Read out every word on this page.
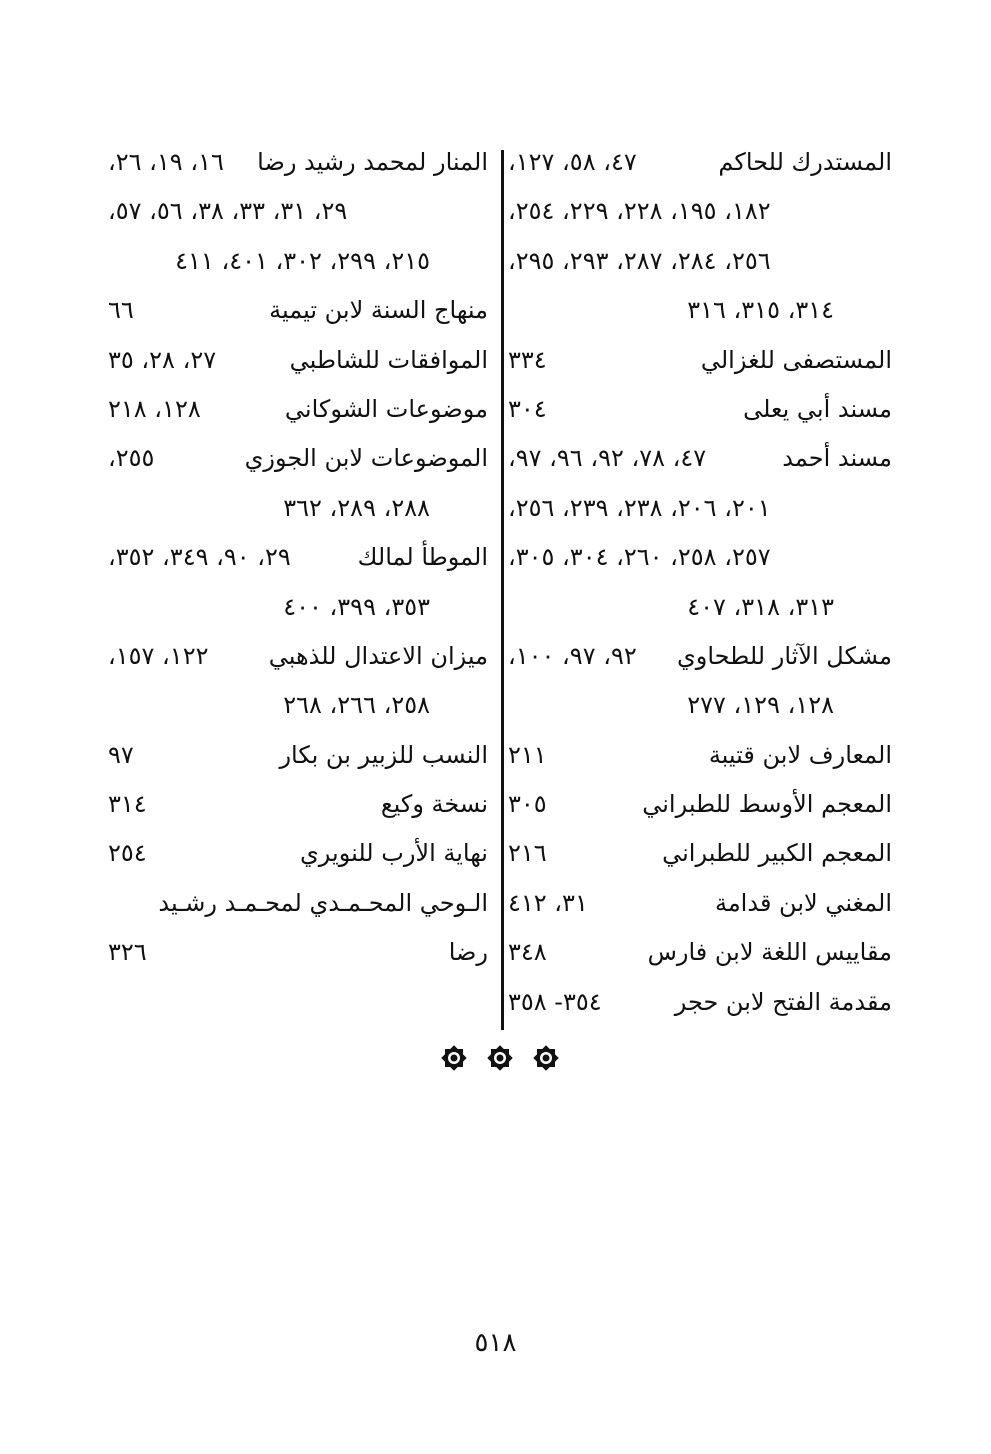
المستدرك للحاكم
٤٧، ٥٨، ١٢٧،
١٨٢، ١٩٥، ٢٢٨، ٢٢٩، ٢٥٤،
٢٥٦، ٢٨٤، ٢٨٧، ٢٩٣، ٢٩٥،
٣١٤، ٣١٥، ٣١٦
المستصفى للغزالي
٣٣٤
مسند أبي يعلى
٣٠٤
مسند أحمد
٤٧، ٧٨، ٩٢، ٩٦، ٩٧،
٢٠١، ٢٠٦، ٢٣٨، ٢٣٩، ٢٥٦،
٢٥٧، ٢٥٨، ٢٦٠، ٣٠٤، ٣٠٥،
٣١٣، ٣١٨، ٤٠٧
مشكل الآثار للطحاوي
٩٢، ٩٧، ١٠٠،
١٢٨، ١٢٩، ٢٧٧
المعارف لابن قتيبة
٢١١
المعجم الأوسط للطبراني
٣٠٥
المعجم الكبير للطبراني
٢١٦
المغني لابن قدامة
٣١، ٤١٢
مقاييس اللغة لابن فارس
٣٤٨
مقدمة الفتح لابن حجر
٣٥٤- ٣٥٨
المنار لمحمد رشيد رضا
١٦، ١٩، ٢٦،
٢٩، ٣١، ٣٣، ٣٨، ٥٦، ٥٧،
٢١٥، ٢٩٩، ٣٠٢، ٤٠١، ٤١١
منهاج السنة لابن تيمية
٦٦
الموافقات للشاطبي
٢٧، ٢٨، ٣٥
موضوعات الشوكاني
١٢٨، ٢١٨
الموضوعات لابن الجوزي
٢٥٥،
٢٨٨، ٢٨٩، ٣٦٢
الموطأ لمالك
٢٩، ٩٠، ٣٤٩، ٣٥٢،
٣٥٣، ٣٩٩، ٤٠٠
ميزان الاعتدال للذهبي
١٢٢، ١٥٧،
٢٥٨، ٢٦٦، ٢٦٨
النسب للزبير بن بكار
٩٧
نسخة وكيع
٣١٤
نهاية الأرب للنويري
٢٥٤
الـوحي المحـمـدي لمحـمـد رشـيد
رضا
٣٢٦
٥١٨
